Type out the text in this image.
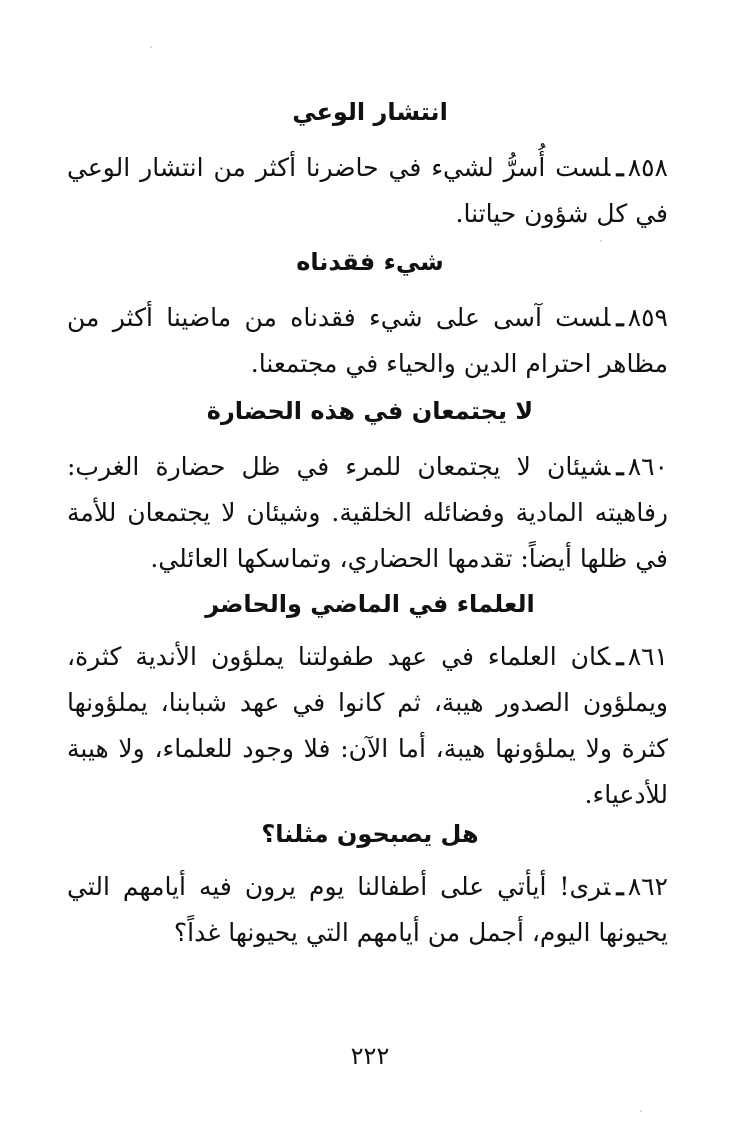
انتشار الوعي
٨٥٨ـلست أُسرُّ لشيء في حاضرنا أكثر من انتشار الوعي في كل شؤون حياتنا.
شيء فقدناه
٨٥٩ـلست آسى على شيء فقدناه من ماضينا أكثر من مظاهر احترام الدين والحياء في مجتمعنا.
لا يجتمعان في هذه الحضارة
٨٦٠ـشيئان لا يجتمعان للمرء في ظل حضارة الغرب: رفاهيته المادية وفضائله الخلقية. وشيئان لا يجتمعان للأمة في ظلها أيضاً: تقدمها الحضاري، وتماسكها العائلي.
العلماء في الماضي والحاضر
٨٦١ـكان العلماء في عهد طفولتنا يملؤون الأندية كثرة، ويملؤون الصدور هيبة، ثم كانوا في عهد شبابنا، يملؤونها كثرة ولا يملؤونها هيبة، أما الآن: فلا وجود للعلماء، ولا هيبة للأدعياء.
هل يصبحون مثلنا؟
٨٦٢ـترى! أيأتي على أطفالنا يوم يرون فيه أيامهم التي يحيونها اليوم، أجمل من أيامهم التي يحيونها غداً؟
٢٢٢
